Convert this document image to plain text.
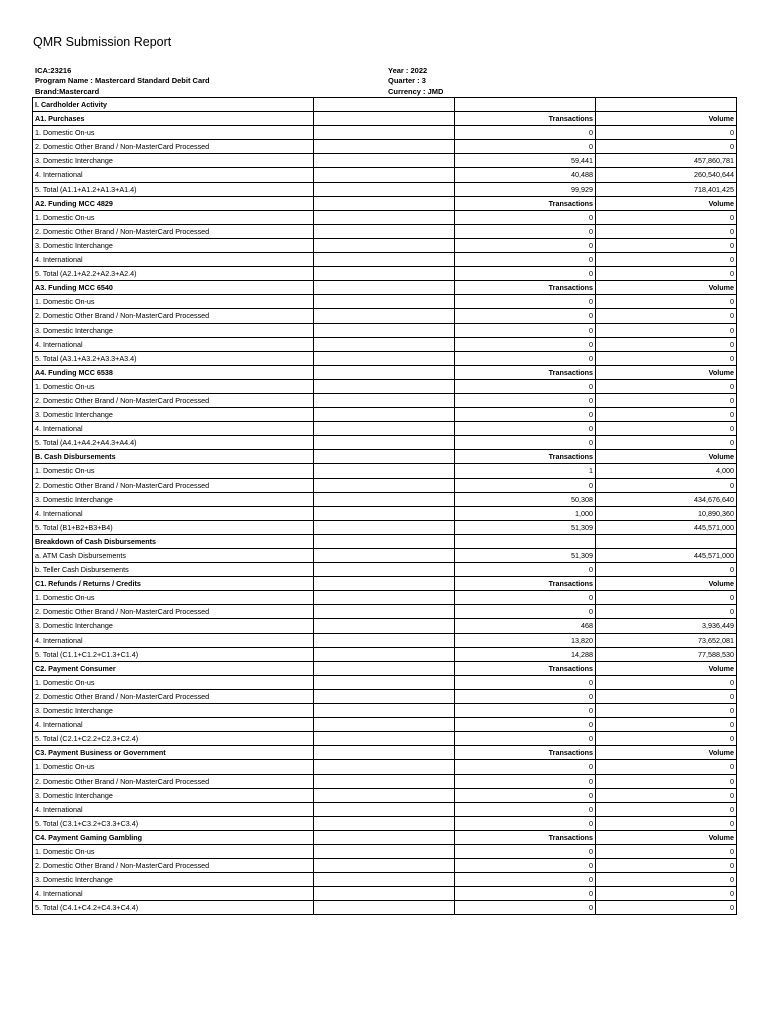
QMR Submission Report
ICA:23216
Program Name : Mastercard Standard Debit Card
Brand:Mastercard
Year : 2022
Quarter : 3
Currency : JMD
I. Cardholder Activity			
A1. Purchases		Transactions	Volume
1. Domestic On-us		0	0
2. Domestic Other Brand / Non-MasterCard Processed		0	0
3. Domestic Interchange		59,441	457,860,781
4. International		40,488	260,540,644
5. Total (A1.1+A1.2+A1.3+A1.4)		99,929	718,401,425
A2. Funding MCC 4829		Transactions	Volume
1. Domestic On-us		0	0
2. Domestic Other Brand / Non-MasterCard Processed		0	0
3. Domestic Interchange		0	0
4. International		0	0
5. Total (A2.1+A2.2+A2.3+A2.4)		0	0
A3. Funding MCC 6540		Transactions	Volume
1. Domestic On-us		0	0
2. Domestic Other Brand / Non-MasterCard Processed		0	0
3. Domestic Interchange		0	0
4. International		0	0
5. Total (A3.1+A3.2+A3.3+A3.4)		0	0
A4. Funding MCC 6538		Transactions	Volume
1. Domestic On-us		0	0
2. Domestic Other Brand / Non-MasterCard Processed		0	0
3. Domestic Interchange		0	0
4. International		0	0
5. Total (A4.1+A4.2+A4.3+A4.4)		0	0
B. Cash Disbursements		Transactions	Volume
1. Domestic On-us		1	4,000
2. Domestic Other Brand / Non-MasterCard Processed		0	0
3. Domestic Interchange		50,308	434,676,640
4. International		1,000	10,890,360
5. Total (B1+B2+B3+B4)		51,309	445,571,000
Breakdown of Cash Disbursements			
a. ATM Cash Disbursements		51,309	445,571,000
b. Teller Cash Disbursements		0	0
C1. Refunds / Returns / Credits		Transactions	Volume
1. Domestic On-us		0	0
2. Domestic Other Brand / Non-MasterCard Processed		0	0
3. Domestic Interchange		468	3,936,449
4. International		13,820	73,652,081
5. Total (C1.1+C1.2+C1.3+C1.4)		14,288	77,588,530
C2. Payment Consumer		Transactions	Volume
1. Domestic On-us		0	0
2. Domestic Other Brand / Non-MasterCard Processed		0	0
3. Domestic Interchange		0	0
4. International		0	0
5. Total (C2.1+C2.2+C2.3+C2.4)		0	0
C3. Payment Business or Government		Transactions	Volume
1. Domestic On-us		0	0
2. Domestic Other Brand / Non-MasterCard Processed		0	0
3. Domestic Interchange		0	0
4. International		0	0
5. Total (C3.1+C3.2+C3.3+C3.4)		0	0
C4. Payment Gaming Gambling		Transactions	Volume
1. Domestic On-us		0	0
2. Domestic Other Brand / Non-MasterCard Processed		0	0
3. Domestic Interchange		0	0
4. International		0	0
5. Total (C4.1+C4.2+C4.3+C4.4)		0	0
